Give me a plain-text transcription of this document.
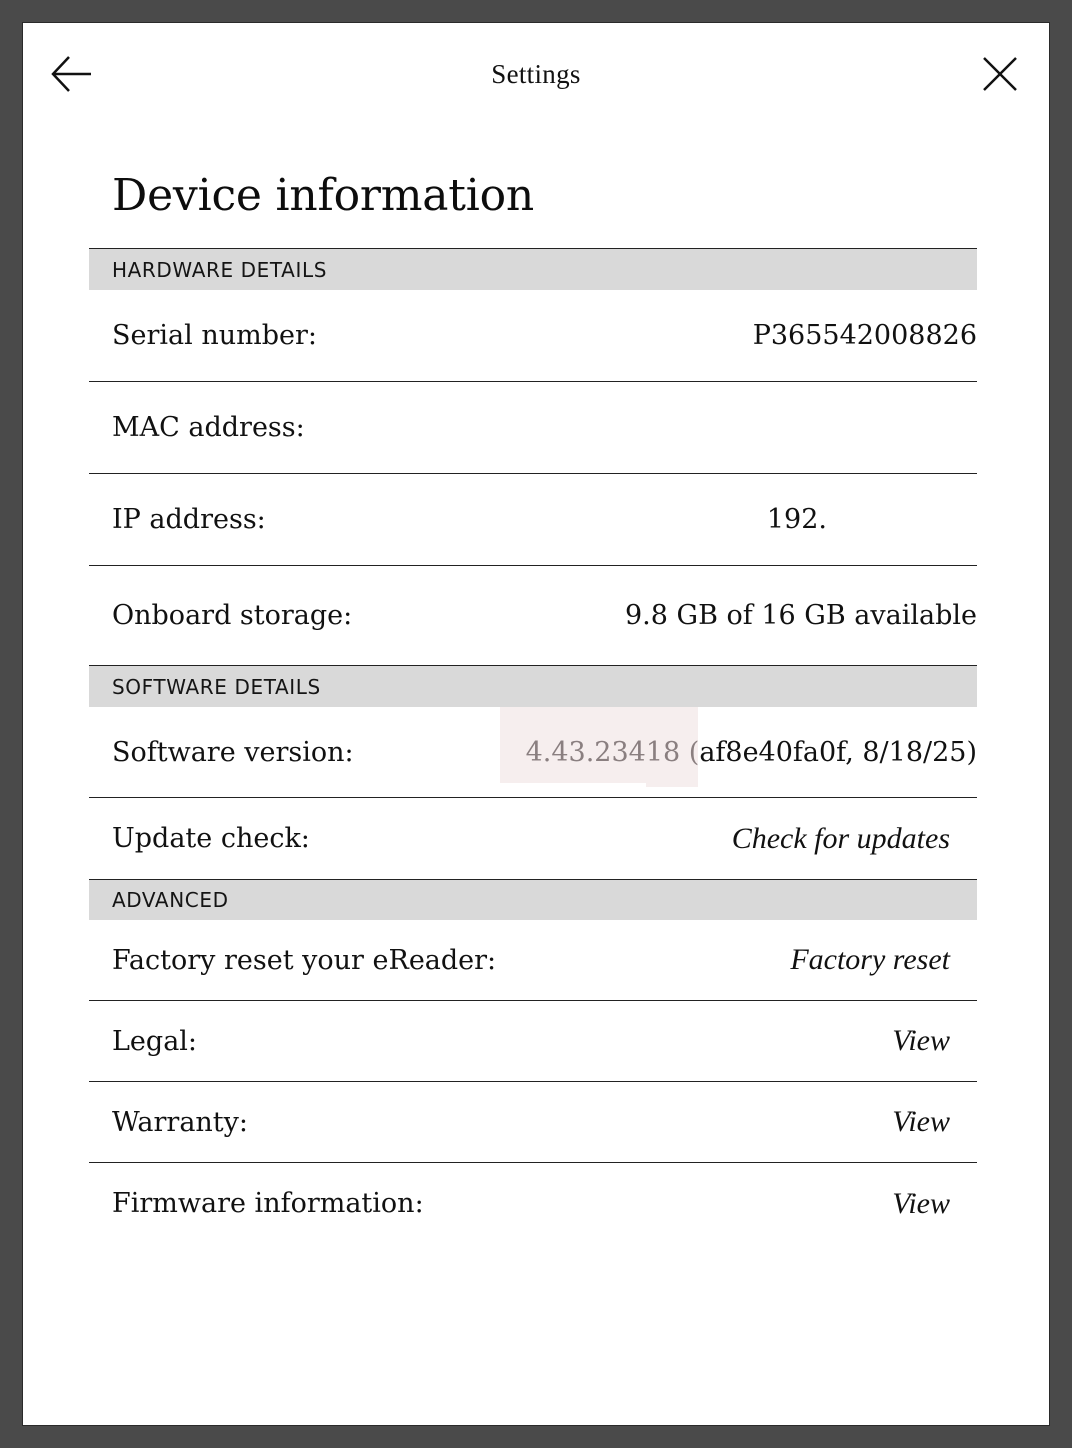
Settings
Device information
HARDWARE DETAILS
Serial number:	P365542008826
MAC address:
IP address:	192.
Onboard storage:	9.8 GB of 16 GB available
SOFTWARE DETAILS
Software version:	4.43.23418 (af8e40fa0f, 8/18/25)
Update check:	Check for updates
ADVANCED
Factory reset your eReader:	Factory reset
Legal:	View
Warranty:	View
Firmware information:	View
